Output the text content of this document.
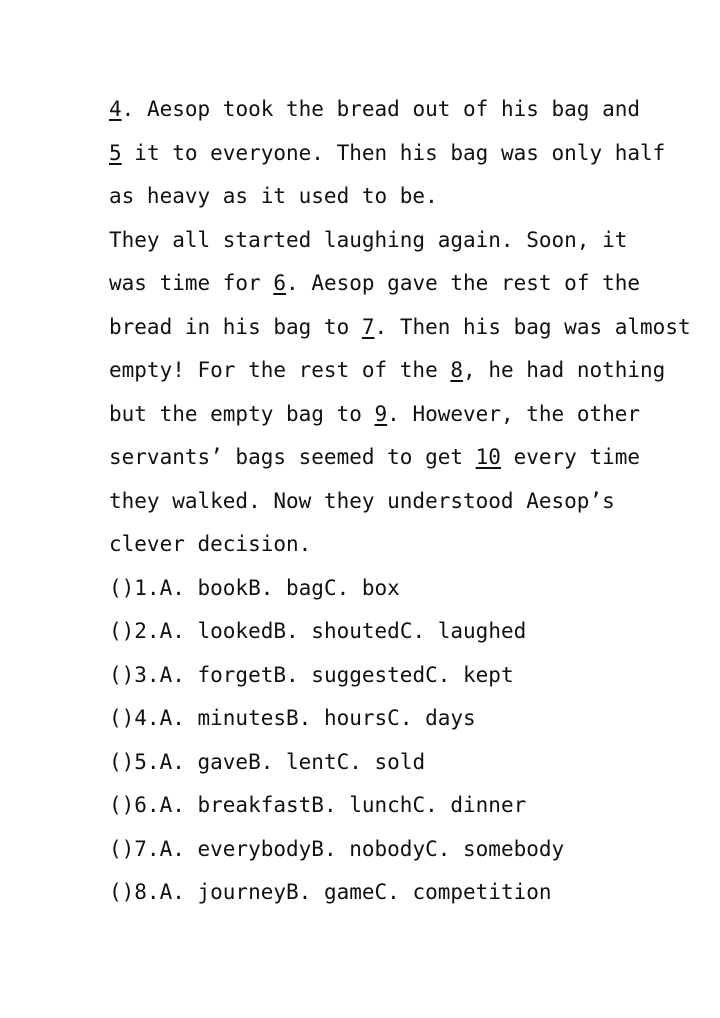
4. Aesop took the bread out of his bag and
5 it to everyone. Then his bag was only half
as heavy as it used to be.
They all started laughing again. Soon, it
was time for 6. Aesop gave the rest of the
bread in his bag to 7. Then his bag was almost
empty! For the rest of the 8, he had nothing
but the empty bag to 9. However, the other
servants’ bags seemed to get 10 every time
they walked. Now they understood Aesop’s
clever decision.
()1. A. book B. bag C. box
()2. A. looked B. shouted C. laughed
()3. A. forget B. suggested C. kept
()4. A. minutes B. hours C. days
()5. A. gave B. lent C. sold
()6. A. breakfast B. lunch C. dinner
()7. A. everybody B. nobody C. somebody
()8. A. journey B. game C. competition
